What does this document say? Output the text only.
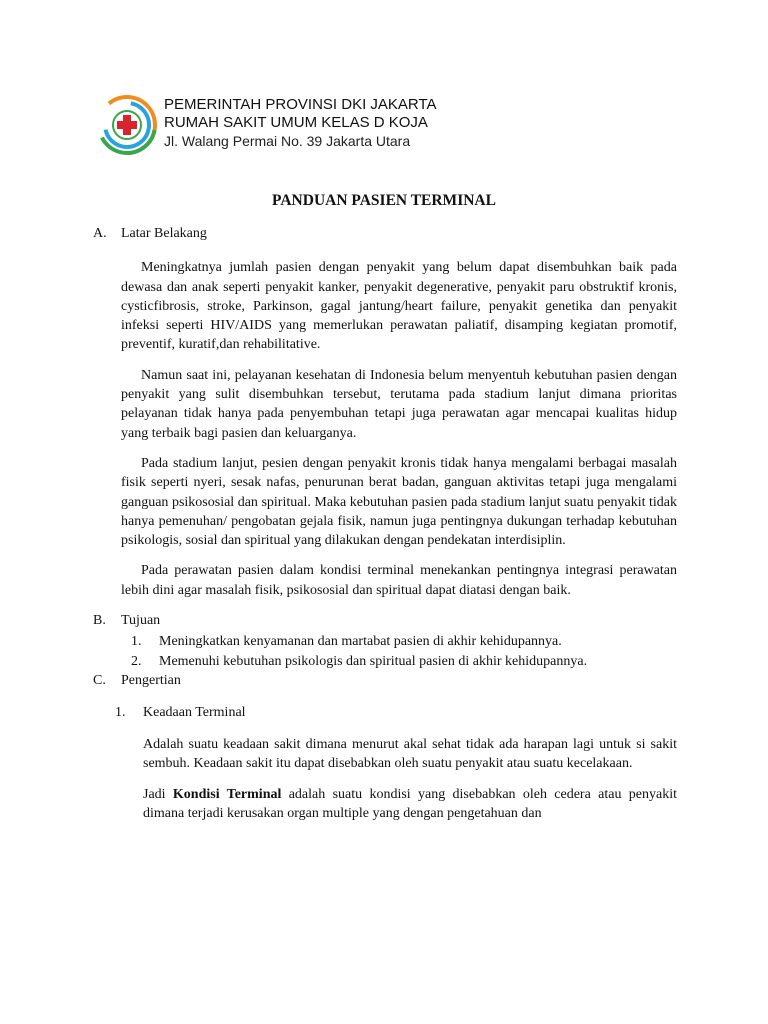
PEMERINTAH PROVINSI DKI JAKARTA
RUMAH SAKIT UMUM KELAS D KOJA
Jl. Walang Permai No. 39 Jakarta Utara
PANDUAN PASIEN TERMINAL
A.	Latar Belakang

Meningkatnya jumlah pasien dengan penyakit yang belum dapat disembuhkan baik pada dewasa dan anak seperti penyakit kanker, penyakit degenerative, penyakit paru obstruktif kronis, cysticfibrosis, stroke, Parkinson, gagal jantung/heart failure, penyakit genetika dan penyakit infeksi seperti HIV/AIDS yang memerlukan perawatan paliatif, disamping kegiatan promotif, preventif, kuratif,dan rehabilitative.

Namun saat ini, pelayanan kesehatan di Indonesia belum menyentuh kebutuhan pasien dengan penyakit yang sulit disembuhkan tersebut, terutama pada stadium lanjut dimana prioritas pelayanan tidak hanya pada penyembuhan tetapi juga perawatan agar mencapai kualitas hidup yang terbaik bagi pasien dan keluarganya.

Pada stadium lanjut, pesien dengan penyakit kronis tidak hanya mengalami berbagai masalah fisik seperti nyeri, sesak nafas, penurunan berat badan, ganguan aktivitas tetapi juga mengalami ganguan psikososial dan spiritual. Maka kebutuhan pasien pada stadium lanjut suatu penyakit tidak hanya pemenuhan/ pengobatan gejala fisik, namun juga pentingnya dukungan terhadap kebutuhan psikologis, sosial dan spiritual yang dilakukan dengan pendekatan interdisiplin.

Pada perawatan pasien dalam kondisi terminal menekankan pentingnya integrasi perawatan lebih dini agar masalah fisik, psikososial dan spiritual dapat diatasi dengan baik.

B.	Tujuan
1.	Meningkatkan kenyamanan dan martabat pasien di akhir kehidupannya.
2.	Memenuhi kebutuhan psikologis dan spiritual pasien di akhir kehidupannya.
C.	Pengertian
1.	Keadaan Terminal

Adalah suatu keadaan sakit dimana menurut akal sehat tidak ada harapan lagi untuk si sakit sembuh. Keadaan sakit itu dapat disebabkan oleh suatu penyakit atau suatu kecelakaan.

Jadi Kondisi Terminal adalah suatu kondisi yang disebabkan oleh cedera atau penyakit dimana terjadi kerusakan organ multiple yang dengan pengetahuan dan
